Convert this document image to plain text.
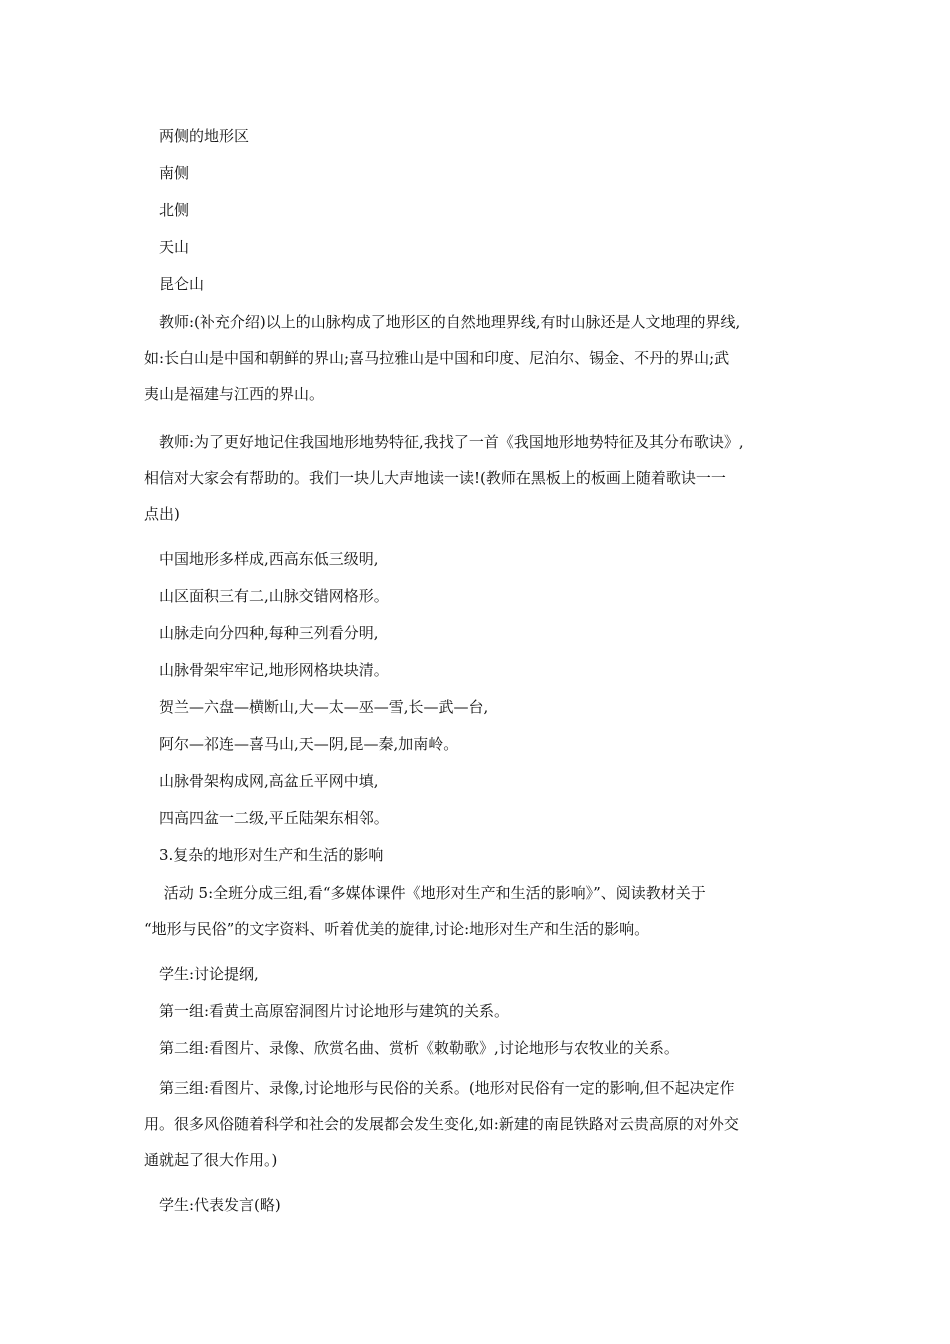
　两侧的地形区

　南侧

　北侧

　天山

　昆仑山

　教师:(补充介绍)以上的山脉构成了地形区的自然地理界线,有时山脉还是人文地理的界线,
如:长白山是中国和朝鲜的界山;喜马拉雅山是中国和印度、尼泊尔、锡金、不丹的界山;武
夷山是福建与江西的界山。

　教师:为了更好地记住我国地形地势特征,我找了一首《我国地形地势特征及其分布歌诀》,
相信对大家会有帮助的。我们一块儿大声地读一读!(教师在黑板上的板画上随着歌诀一一
点出)

　中国地形多样成,西高东低三级明,

　山区面积三有二,山脉交错网格形。

　山脉走向分四种,每种三列看分明,

　山脉骨架牢牢记,地形网格块块清。

　贺兰—六盘—横断山,大—太—巫—雪,长—武—台,

　阿尔—祁连—喜马山,天—阴,昆—秦,加南岭。

　山脉骨架构成网,高盆丘平网中填,

　四高四盆一二级,平丘陆架东相邻。

　3.复杂的地形对生产和生活的影响

　 活动 5:全班分成三组,看“多媒体课件《地形对生产和生活的影响》”、阅读教材关于
“地形与民俗”的文字资料、听着优美的旋律,讨论:地形对生产和生活的影响。

　学生:讨论提纲,

　第一组:看黄土高原窑洞图片讨论地形与建筑的关系。

　第二组:看图片、录像、欣赏名曲、赏析《敕勒歌》,讨论地形与农牧业的关系。

　第三组:看图片、录像,讨论地形与民俗的关系。(地形对民俗有一定的影响,但不起决定作
用。很多风俗随着科学和社会的发展都会发生变化,如:新建的南昆铁路对云贵高原的对外交
通就起了很大作用。)

　学生:代表发言(略)
